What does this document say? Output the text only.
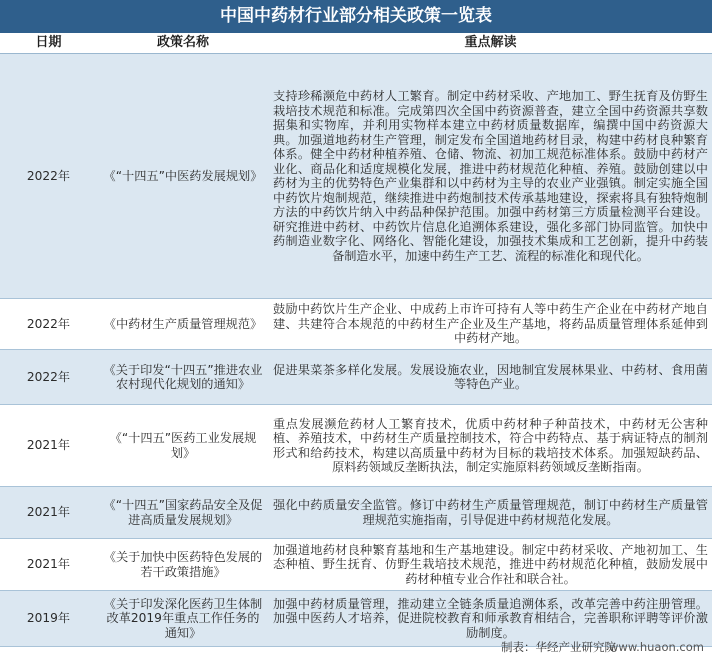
中国中药材行业部分相关政策一览表
日期	政策名称	重点解读
2022年	《“十四五”中医药发展规划》	支持珍稀濒危中药材人工繁育。制定中药材采收、产地加工、野生抚育及仿野生栽培技术规范和标准。完成第四次全国中药资源普查，建立全国中药资源共享数据集和实物库，并利用实物样本建立中药材质量数据库，编撰中国中药资源大典。加强道地药材生产管理，制定发布全国道地药材目录，构建中药材良种繁育体系。健全中药材种植养殖、仓储、物流、初加工规范标准体系。鼓励中药材产业化、商品化和适度规模化发展，推进中药材规范化种植、养殖。鼓励创建以中药材为主的优势特色产业集群和以中药材为主导的农业产业强镇。制定实施全国中药饮片炮制规范，继续推进中药炮制技术传承基地建设，探索将具有独特炮制方法的中药饮片纳入中药品种保护范围。加强中药材第三方质量检测平台建设。研究推进中药材、中药饮片信息化追溯体系建设，强化多部门协同监管。加快中药制造业数字化、网络化、智能化建设，加强技术集成和工艺创新，提升中药装备制造水平，加速中药生产工艺、流程的标准化和现代化。
2022年	《中药材生产质量管理规范》	鼓励中药饮片生产企业、中成药上市许可持有人等中药生产企业在中药材产地自建、共建符合本规范的中药材生产企业及生产基地，将药品质量管理体系延伸到中药材产地。
2022年	《关于印发“十四五”推进农业农村现代化规划的通知》	促进果菜茶多样化发展。发展设施农业，因地制宜发展林果业、中药材、食用菌等特色产业。
2021年	《“十四五”医药工业发展规划》	重点发展濒危药材人工繁育技术，优质中药材种子种苗技术，中药材无公害种植、养殖技术，中药材生产质量控制技术，符合中药特点、基于病证特点的制剂形式和给药技术，构建以高质量中药材为目标的栽培技术体系。加强短缺药品、原料药领域反垄断执法，制定实施原料药领域反垄断指南。
2021年	《“十四五”国家药品安全及促进高质量发展规划》	强化中药质量安全监管。修订中药材生产质量管理规范，制订中药材生产质量管理规范实施指南，引导促进中药材规范化发展。
2021年	《关于加快中医药特色发展的若干政策措施》	加强道地药材良种繁育基地和生产基地建设。制定中药材采收、产地初加工、生态种植、野生抚育、仿野生栽培技术规范，推进中药材规范化种植，鼓励发展中药材种植专业合作社和联合社。
2019年	《关于印发深化医药卫生体制改革2019年重点工作任务的通知》	加强中药材质量管理，推动建立全链条质量追溯体系，改革完善中药注册管理。加强中医药人才培养，促进院校教育和师承教育相结合，完善职称评聘等评价激励制度。
制表：华经产业研究院
www.huaon.com
